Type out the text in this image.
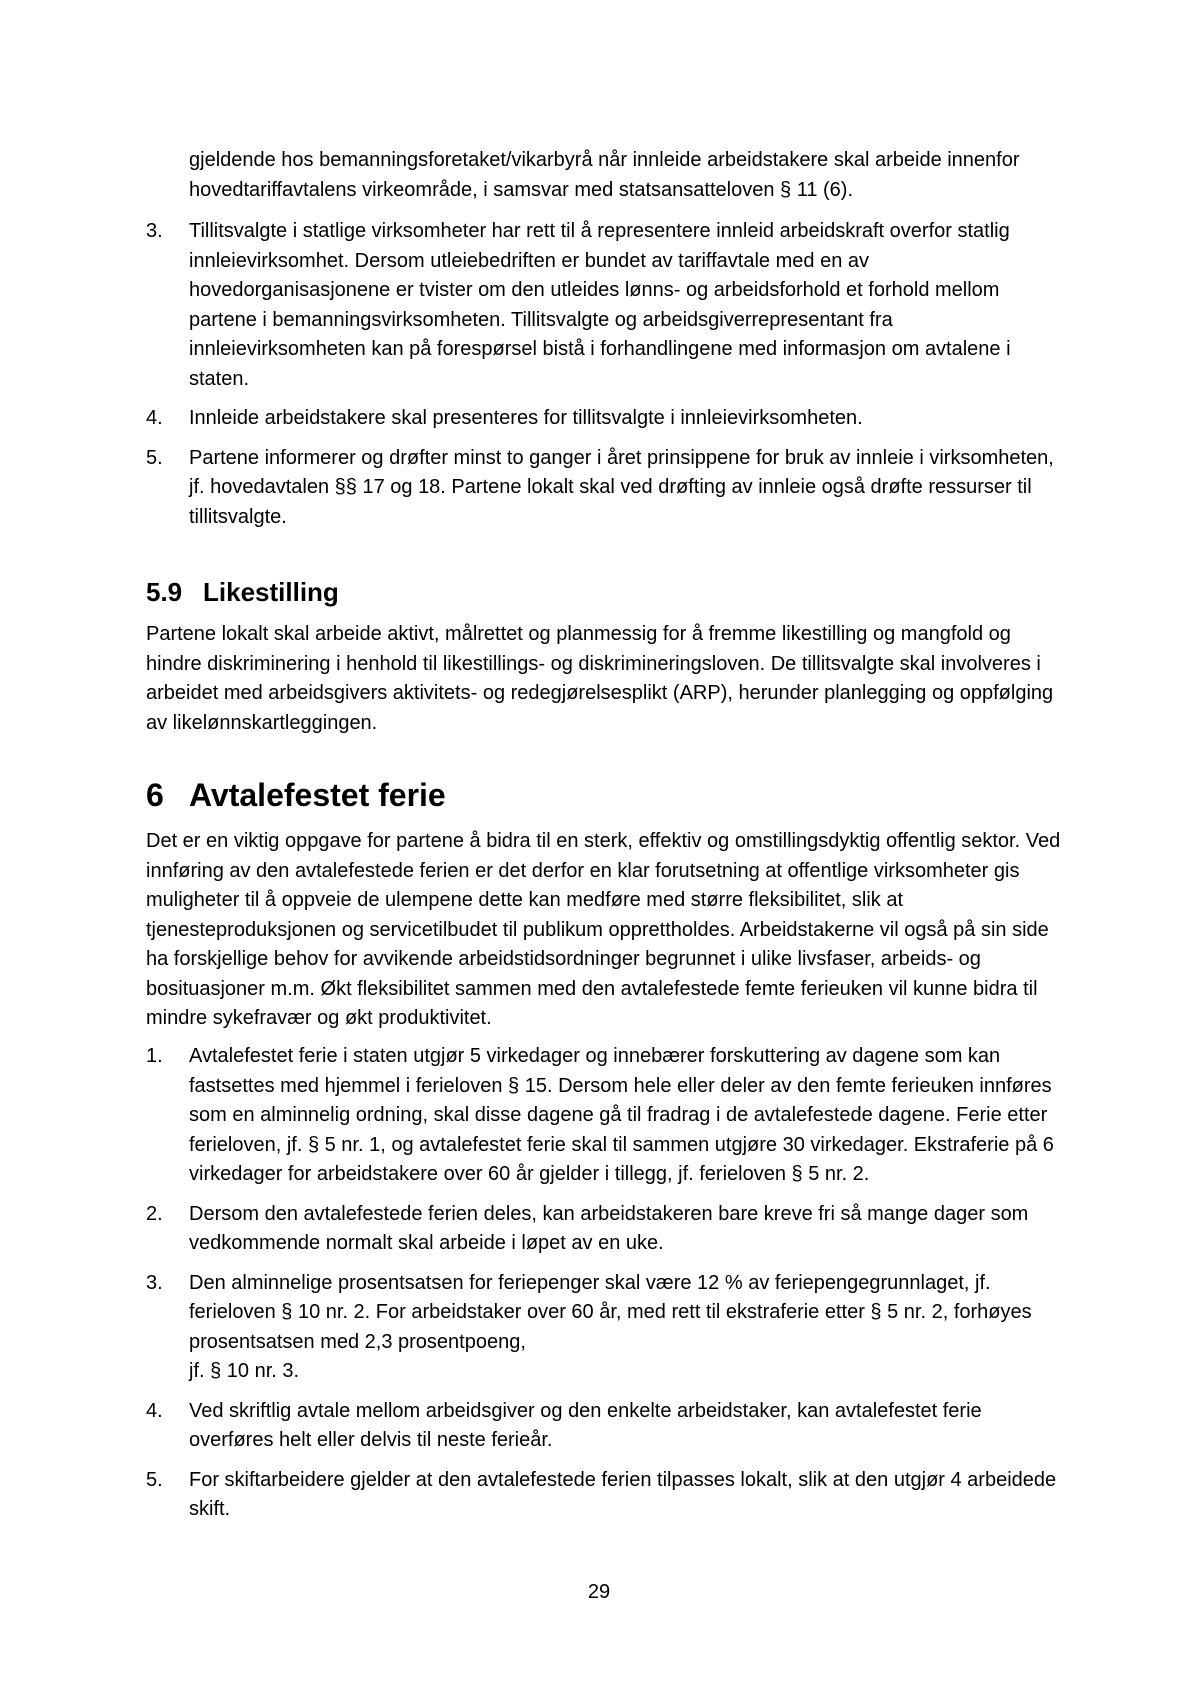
gjeldende hos bemanningsforetaket/vikarbyrå når innleide arbeidstakere skal arbeide innenfor hovedtariffavtalens virkeområde, i samsvar med statsansatteloven § 11 (6).
3. Tillitsvalgte i statlige virksomheter har rett til å representere innleid arbeidskraft overfor statlig innleievirksomhet. Dersom utleiebedriften er bundet av tariffavtale med en av hovedorganisasjonene er tvister om den utleides lønns- og arbeidsforhold et forhold mellom partene i bemanningsvirksomheten. Tillitsvalgte og arbeidsgiverrepresentant fra innleievirksomheten kan på forespørsel bistå i forhandlingene med informasjon om avtalene i staten.
4. Innleide arbeidstakere skal presenteres for tillitsvalgte i innleievirksomheten.
5. Partene informerer og drøfter minst to ganger i året prinsippene for bruk av innleie i virksomheten, jf. hovedavtalen §§ 17 og 18. Partene lokalt skal ved drøfting av innleie også drøfte ressurser til tillitsvalgte.
5.9 Likestilling
Partene lokalt skal arbeide aktivt, målrettet og planmessig for å fremme likestilling og mangfold og hindre diskriminering i henhold til likestillings- og diskrimineringsloven. De tillitsvalgte skal involveres i arbeidet med arbeidsgivers aktivitets- og redegjørelsesplikt (ARP), herunder planlegging og oppfølging av likelønnskartleggingen.
6 Avtalefestet ferie
Det er en viktig oppgave for partene å bidra til en sterk, effektiv og omstillingsdyktig offentlig sektor. Ved innføring av den avtalefestede ferien er det derfor en klar forutsetning at offentlige virksomheter gis muligheter til å oppveie de ulempene dette kan medføre med større fleksibilitet, slik at tjenesteproduksjonen og servicetilbudet til publikum opprettholdes. Arbeidstakerne vil også på sin side ha forskjellige behov for avvikende arbeidstidsordninger begrunnet i ulike livsfaser, arbeids- og bosituasjoner m.m. Økt fleksibilitet sammen med den avtalefestede femte ferieuken vil kunne bidra til mindre sykefravær og økt produktivitet.
1. Avtalefestet ferie i staten utgjør 5 virkedager og innebærer forskuttering av dagene som kan fastsettes med hjemmel i ferieloven § 15. Dersom hele eller deler av den femte ferieuken innføres som en alminnelig ordning, skal disse dagene gå til fradrag i de avtalefestede dagene. Ferie etter ferieloven, jf. § 5 nr. 1, og avtalefestet ferie skal til sammen utgjøre 30 virkedager. Ekstraferie på 6 virkedager for arbeidstakere over 60 år gjelder i tillegg, jf. ferieloven § 5 nr. 2.
2. Dersom den avtalefestede ferien deles, kan arbeidstakeren bare kreve fri så mange dager som vedkommende normalt skal arbeide i løpet av en uke.
3. Den alminnelige prosentsatsen for feriepenger skal være 12 % av feriepengegrunnlaget, jf. ferieloven § 10 nr. 2. For arbeidstaker over 60 år, med rett til ekstraferie etter § 5 nr. 2, forhøyes prosentsatsen med 2,3 prosentpoeng,
jf. § 10 nr. 3.
4. Ved skriftlig avtale mellom arbeidsgiver og den enkelte arbeidstaker, kan avtalefestet ferie overføres helt eller delvis til neste ferieår.
5. For skiftarbeidere gjelder at den avtalefestede ferien tilpasses lokalt, slik at den utgjør 4 arbeidede skift.
29
